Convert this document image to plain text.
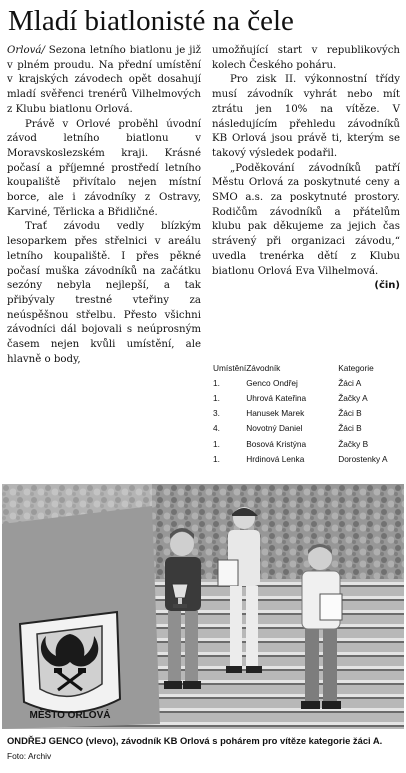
Mladí biatlonisté na čele

Orlová/ Sezona letního biatlonu je již v plném proudu. Na přední umístění v krajských závodech opět dosahují mladí svěřenci trenérů Vilhelmových z Klubu biatlonu Orlová.

Právě v Orlové proběhl úvodní závod letního biatlonu v Moravskoslezském kraji. Krásné počasí a příjemné prostředí letního koupaliště přivítalo nejen místní borce, ale i závodníky z Ostravy, Karviné, Těrlicka a Břidličné.

Trať závodu vedly blízkým lesoparkem přes střelnici v areálu letního koupaliště. I přes pěkné počasí muška závodníků na začátku sezóny nebyla nejlepší, a tak přibývaly trestné vteřiny za neúspěšnou střelbu. Přesto všichni závodníci dál bojovali s neúprosným časem nejen kvůli umístění, ale hlavně o body,

umožňující start v republikových kolech Českého poháru.

Pro zisk II. výkonnostní třídy musí závodník vyhrát nebo mít ztrátu jen 10% na vítěze. V následujícím přehledu závodníků KB Orlová jsou právě ti, kterým se takový výsledek podařil.

„Poděkování závodníků patří Městu Orlová za poskytnuté ceny a SMO a.s. za poskytnuté prostory. Rodičům závodníků a přátelům klubu pak děkujeme za jejich čas strávený při organizaci závodu,“ uvedla trenérka dětí z Klubu biatlonu Orlová Eva Vilhelmová.

(čin)

Umístění	Závodník	Kategorie
1.	Genco Ondřej	Žáci A
1.	Uhrová Kateřina	Žačky A
3.	Hanusek Marek	Žáci B
4.	Novotný Daniel	Žáci B
1.	Bosová Kristýna	Žačky B
1.	Hrdinová Lenka	Dorostenky A
MĚSTO ORLOVÁ
ONDŘEJ GENCO (vlevo), závodník KB Orlová s pohárem pro vítěze kategorie žáci A. Foto: Archiv
